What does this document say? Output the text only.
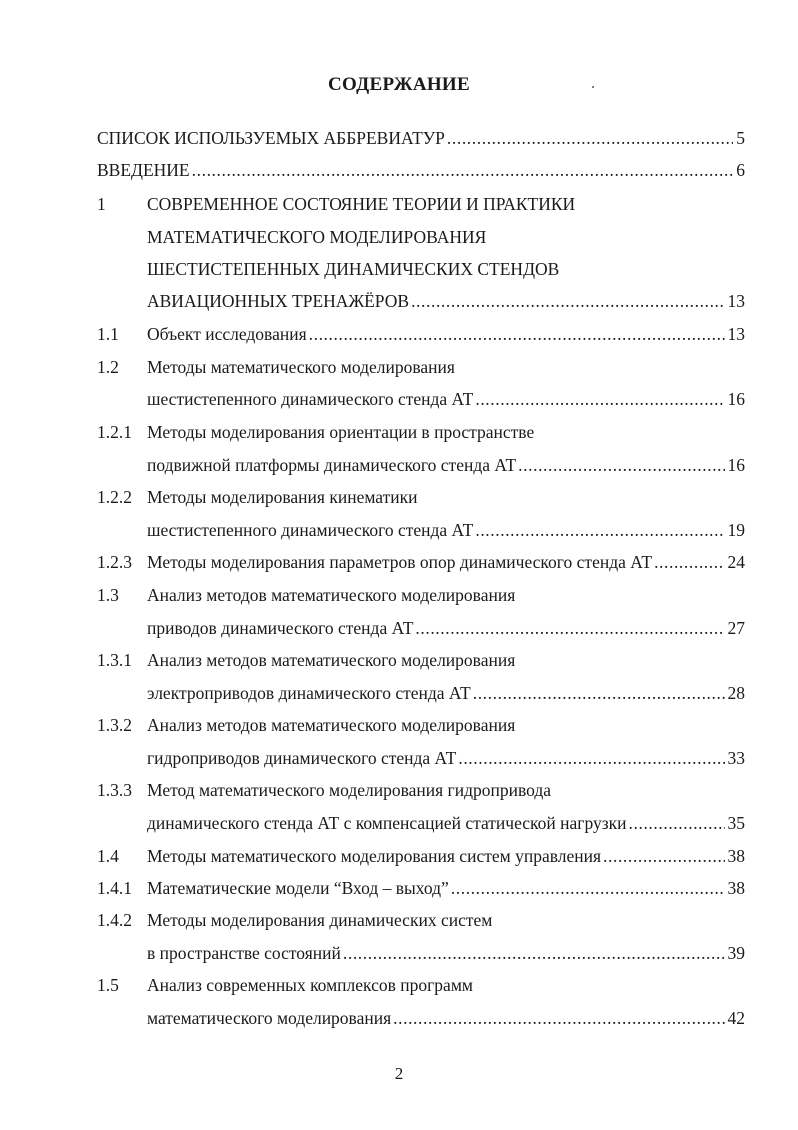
СОДЕРЖАНИЕ
СПИСОК ИСПОЛЬЗУЕМЫХ АББРЕВИАТУР .....	5
ВВЕДЕНИЕ .....	6
1 СОВРЕМЕННОЕ СОСТОЯНИЕ ТЕОРИИ И ПРАКТИКИ
МАТЕМАТИЧЕСКОГО МОДЕЛИРОВАНИЯ
ШЕСТИСТЕПЕННЫХ ДИНАМИЧЕСКИХ СТЕНДОВ
АВИАЦИОННЫХ ТРЕНАЖЁРОВ .....	13
1.1 Объект исследования .....	13
1.2 Методы математического моделирования
шестистепенного динамического стенда АТ .....	16
1.2.1 Методы моделирования ориентации в пространстве
подвижной платформы динамического стенда АТ .....	16
1.2.2 Методы моделирования кинематики
шестистепенного динамического стенда АТ .....	19
1.2.3 Методы моделирования параметров опор динамического стенда АТ .....	24
1.3 Анализ методов математического моделирования
приводов динамического стенда АТ .....	27
1.3.1 Анализ методов математического моделирования
электроприводов динамического стенда АТ .....	28
1.3.2 Анализ методов математического моделирования
гидроприводов динамического стенда АТ .....	33
1.3.3 Метод математического моделирования гидропривода
динамического стенда АТ с компенсацией статической нагрузки .....	35
1.4 Методы математического моделирования систем управления .....	38
1.4.1 Математические модели “Вход – выход” .....	38
1.4.2 Методы моделирования динамических систем
в пространстве состояний .....	39
1.5 Анализ современных комплексов программ
математического моделирования .....	42
2
